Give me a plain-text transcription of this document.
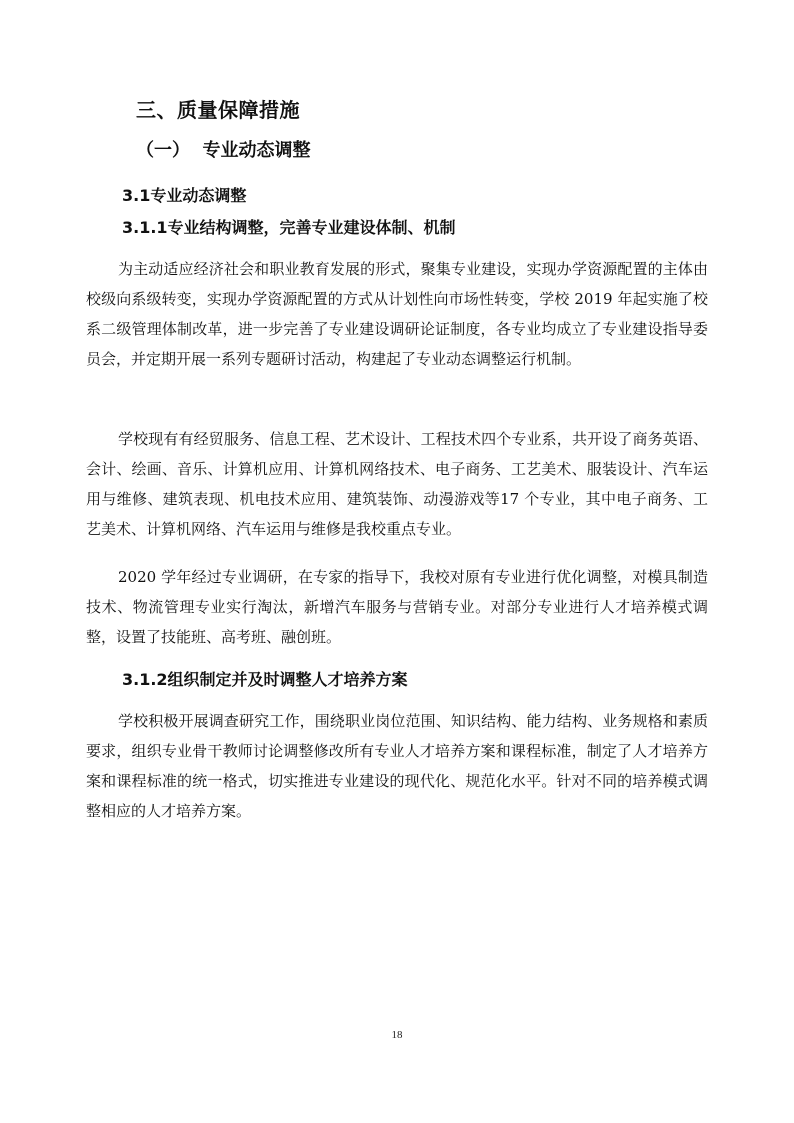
三、质量保障措施
（一）  专业动态调整
3.1专业动态调整
3.1.1专业结构调整，完善专业建设体制、机制

为主动适应经济社会和职业教育发展的形式，聚集专业建设，实现办学资源配置的主体由校级向系级转变，实现办学资源配置的方式从计划性向市场性转变，学校 2019 年起实施了校系二级管理体制改革，进一步完善了专业建设调研论证制度，各专业均成立了专业建设指导委员会，并定期开展一系列专题研讨活动，构建起了专业动态调整运行机制。

学校现有有经贸服务、信息工程、艺术设计、工程技术四个专业系，共开设了商务英语、会计、绘画、音乐、计算机应用、计算机网络技术、电子商务、工艺美术、服装设计、汽车运用与维修、建筑表现、机电技术应用、建筑装饰、动漫游戏等17 个专业，其中电子商务、工艺美术、计算机网络、汽车运用与维修是我校重点专业。

2020 学年经过专业调研，在专家的指导下，我校对原有专业进行优化调整，对模具制造技术、物流管理专业实行淘汰，新增汽车服务与营销专业。对部分专业进行人才培养模式调整，设置了技能班、高考班、融创班。

3.1.2组织制定并及时调整人才培养方案

学校积极开展调查研究工作，围绕职业岗位范围、知识结构、能力结构、业务规格和素质要求，组织专业骨干教师讨论调整修改所有专业人才培养方案和课程标准，制定了人才培养方案和课程标准的统一格式，切实推进专业建设的现代化、规范化水平。针对不同的培养模式调整相应的人才培养方案。

18
